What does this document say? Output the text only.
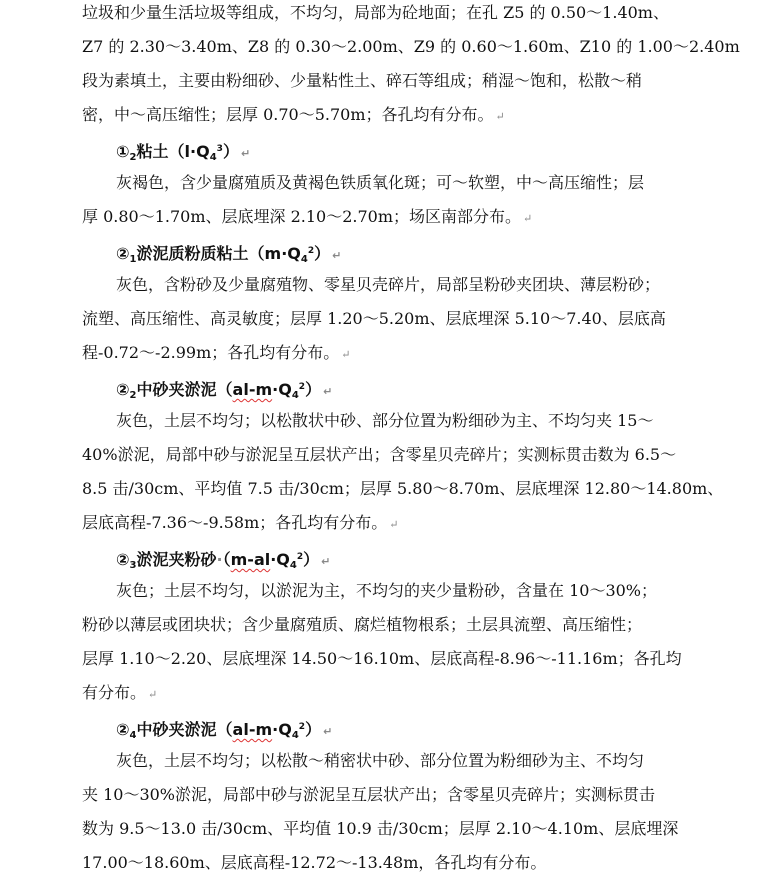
垃圾和少量生活垃圾等组成，不均匀，局部为砼地面；在孔 Z5 的 0.50～1.40m、
Z7 的 2.30～3.40m、Z8 的 0.30～2.00m、Z9 的 0.60～1.60m、Z10 的 1.00～2.40m
段为素填土，主要由粉细砂、少量粘性土、碎石等组成；稍湿～饱和，松散～稍
密，中～高压缩性；层厚 0.70～5.70m；各孔均有分布。 ↵
$①_2$粘土$(l\cdot Q_4^3)$ ↵
灰褐色，含少量腐殖质及黄褐色铁质氧化斑；可～软塑，中～高压缩性；层
厚 0.80～1.70m、层底埋深 2.10～2.70m；场区南部分布。 ↵
$②_1$淤泥质粉质粘土$(m\cdot Q_4^2)$ ↵
灰色，含粉砂及少量腐殖物、零星贝壳碎片，局部呈粉砂夹团块、薄层粉砂；
流塑、高压缩性、高灵敏度；层厚 1.20～5.20m、层底埋深 5.10～7.40、层底高
程-0.72～-2.99m；各孔均有分布。 ↵
$②_2$中砂夹淤泥$(al-m\cdot Q_4^2)$ ↵
灰色，土层不均匀；以松散状中砂、部分位置为粉细砂为主、不均匀夹 15～
40%淤泥，局部中砂与淤泥呈互层状产出；含零星贝壳碎片；实测标贯击数为 6.5～
8.5 击/30cm、平均值 7.5 击/30cm；层厚 5.80～8.70m、层底埋深 12.80～14.80m、
层底高程-7.36～-9.58m；各孔均有分布。 ↵
$②_3$淤泥夹粉砂$\cdot(m-al\cdot Q_4^2)$ ↵
灰色；土层不均匀，以淤泥为主，不均匀的夹少量粉砂，含量在 10～30%；
粉砂以薄层或团块状；含少量腐殖质、腐烂植物根系；土层具流塑、高压缩性；
层厚 1.10～2.20、层底埋深 14.50～16.10m、层底高程-8.96～-11.16m；各孔均
有分布。 ↵
$②_4$中砂夹淤泥$(al-m\cdot Q_4^2)$ ↵
灰色，土层不均匀；以松散～稍密状中砂、部分位置为粉细砂为主、不均匀
夹 10～30%淤泥，局部中砂与淤泥呈互层状产出；含零星贝壳碎片；实测标贯击
数为 9.5～13.0 击/30cm、平均值 10.9 击/30cm；层厚 2.10～4.10m、层底埋深
17.00～18.60m、层底高程-12.72～-13.48m，各孔均有分布。
